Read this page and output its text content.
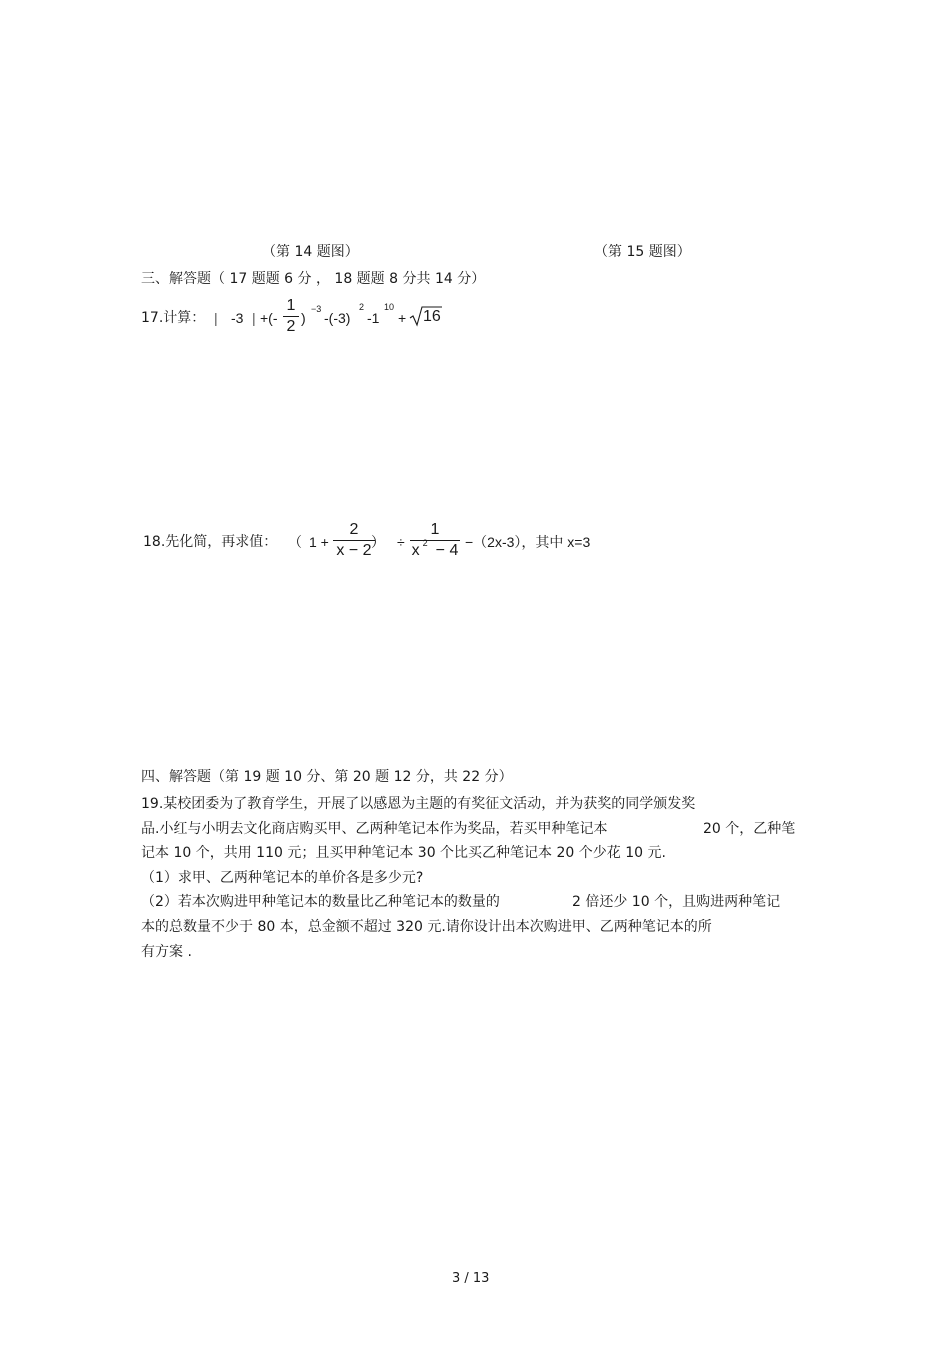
（第 14 题图）	（第 15 题图）
三、解答题（ 17 题题 6 分 ， 18 题题 8 分共 14 分）
17.计算： | -3 | +(-
1
2 )
−3
-(-3)
2
-1
10
+ 16
18.先化简，再求值： （ 1 +
2
x − 2 ） ÷
1
x 2 − 4 −（2x-3），其中 x=3
四、解答题（第 19 题 10 分、第 20 题 12 分，共 22 分）
19.某校团委为了教育学生，开展了以感恩为主题的有奖征文活动，并为获奖的同学颁发奖
品.小红与小明去文化商店购买甲、乙两种笔记本作为奖品，若买甲种笔记本	20 个，乙种笔
记本 10 个，共用 110 元；且买甲种笔记本 30 个比买乙种笔记本 20 个少花 10 元.
（1）求甲、乙两种笔记本的单价各是多少元?
（2）若本次购进甲种笔记本的数量比乙种笔记本的数量的	2 倍还少 10 个，且购进两种笔记
本的总数量不少于 80 本，总金额不超过 320 元.请你设计出本次购进甲、乙两种笔记本的所
有方案 .
3 / 13
